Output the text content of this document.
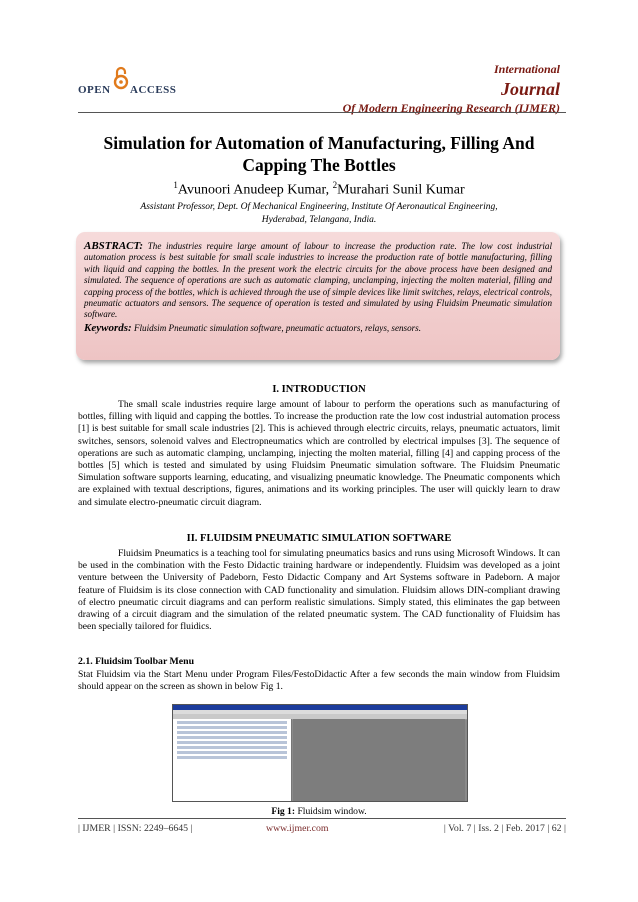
OPEN ACCESS
International
Journal
Of Modern Engineering Research (IJMER)
Simulation for Automation of Manufacturing, Filling And
Capping The Bottles
$^1$Avunoori Anudeep Kumar, $^2$Murahari Sunil Kumar
Assistant Professor, Dept. Of Mechanical Engineering, Institute Of Aeronautical Engineering,
Hyderabad, Telangana, India.
ABSTRACT: The industries require large amount of labour to increase the production rate. The low cost industrial automation process is best suitable for small scale industries to increase the production rate of bottle manufacturing, filling with liquid and capping the bottles. In the present work the electric circuits for the above process have been designed and simulated. The sequence of operations are such as automatic clamping, unclamping, injecting the molten material, filling and capping process of the bottles, which is achieved through the use of simple devices like limit switches, relays, electrical controls, pneumatic actuators and sensors. The sequence of operation is tested and simulated by using Fluidsim Pneumatic simulation software.
Keywords: Fluidsim Pneumatic simulation software, pneumatic actuators, relays, sensors.
I. INTRODUCTION
The small scale industries require large amount of labour to perform the operations such as manufacturing of bottles, filling with liquid and capping the bottles. To increase the production rate the low cost industrial automation process [1] is best suitable for small scale industries [2]. This is achieved through electric circuits, relays, pneumatic actuators, limit switches, sensors, solenoid valves and Electropneumatics which are controlled by electrical impulses [3]. The sequence of operations are such as automatic clamping, unclamping, injecting the molten material, filling [4] and capping process of the bottles [5] which is tested and simulated by using Fluidsim Pneumatic simulation software. The Fluidsim Pneumatic Simulation software supports learning, educating, and visualizing pneumatic knowledge. The Pneumatic components which are explained with textual descriptions, figures, animations and its working principles. The user will quickly learn to draw and simulate electro-pneumatic circuit diagram.
II. FLUIDSIM PNEUMATIC SIMULATION SOFTWARE
Fluidsim Pneumatics is a teaching tool for simulating pneumatics basics and runs using Microsoft Windows. It can be used in the combination with the Festo Didactic training hardware or independently. Fluidsim was developed as a joint venture between the University of Padeborn, Festo Didactic Company and Art Systems software in Padeborn. A major feature of Fluidsim is its close connection with CAD functionality and simulation. Fluidsim allows DIN-compliant drawing of electro pneumatic circuit diagrams and can perform realistic simulations. Simply stated, this eliminates the gap between drawing of a circuit diagram and the simulation of the related pneumatic system. The CAD functionality of Fluidsim has been specially tailored for fluidics.
2.1. Fluidsim Toolbar Menu
Stat Fluidsim via the Start Menu under Program Files/FestoDidactic After a few seconds the main window from Fluidsim should appear on the screen as shown in below Fig 1.
Fig 1: Fluidsim window.
| IJMER | ISSN: 2249–6645 |	www.ijmer.com	| Vol. 7 | Iss. 2 | Feb. 2017 | 62 |
